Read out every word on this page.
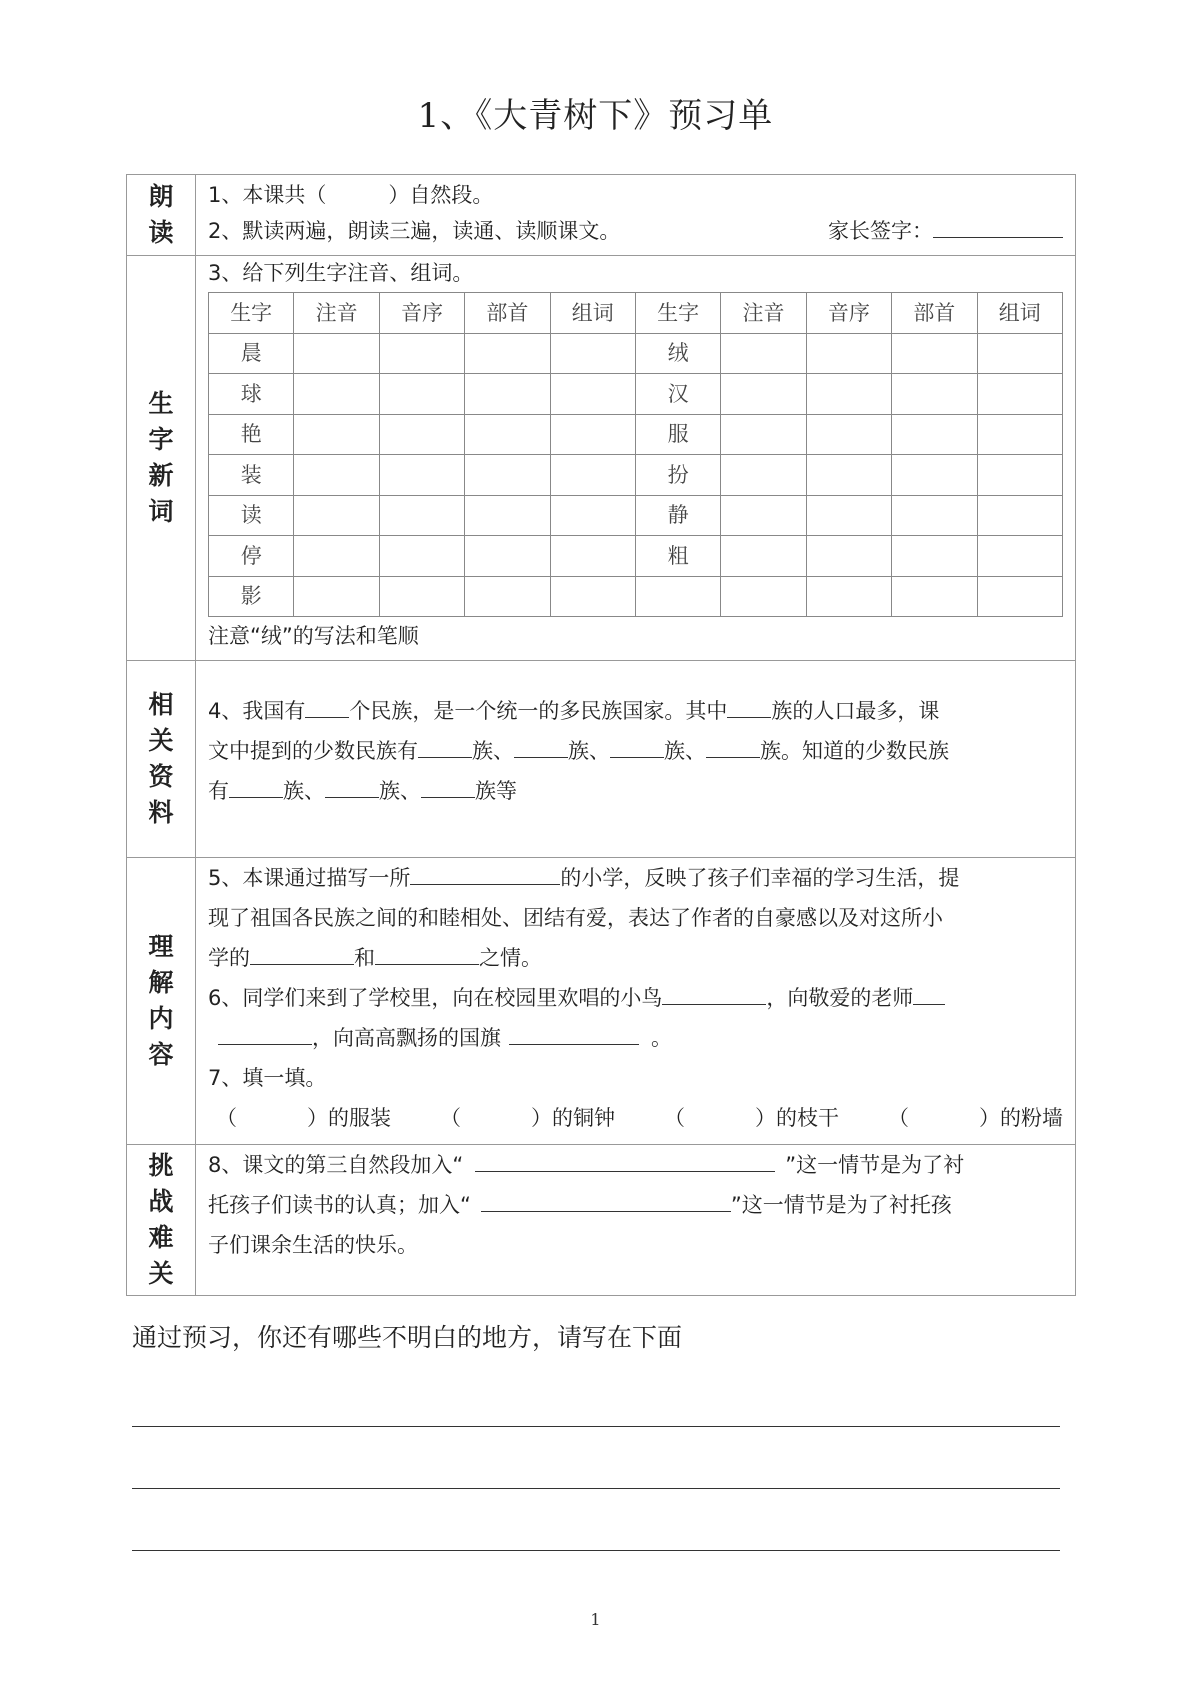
1、《大青树下》预习单
朗
读

1、本课共（	）自然段。
2、默读两遍，朗读三遍，读通、读顺课文。	家长签字：

生
字
新
词

3、给下列生字注音、组词。
生字	注音	音序	部首	组词	生字	注音	音序	部首	组词
晨					绒				
球					汉				
艳					服				
装					扮				
读					静				
停					粗				
影									
注意“绒”的写法和笔顺

相
关
资
料

4、我国有 个民族，是一个统一的多民族国家。其中 族的人口最多，课
文中提到的少数民族有	族、	族、	族、	族。知道的少数民族
有	族、	族、	族等

理
解
内
容

5、本课通过描写一所	的小学，反映了孩子们幸福的学习生活，提
现了祖国各民族之间的和睦相处、团结有爱，表达了作者的自豪感以及对这所小
学的	和	之情。
6、同学们来到了学校里，向在校园里欢唱的小鸟	，向敬爱的老师
，向高高飘扬的国旗	。
7、填一填。
（	）的服装 （	）的铜钟 （	）的枝干 （	）的粉墙

挑
战
难
关

8、课文的第三自然段加入“	”这一情节是为了衬
托孩子们读书的认真；加入“	”这一情节是为了衬托孩
子们课余生活的快乐。
通过预习，你还有哪些不明白的地方，请写在下面
1
